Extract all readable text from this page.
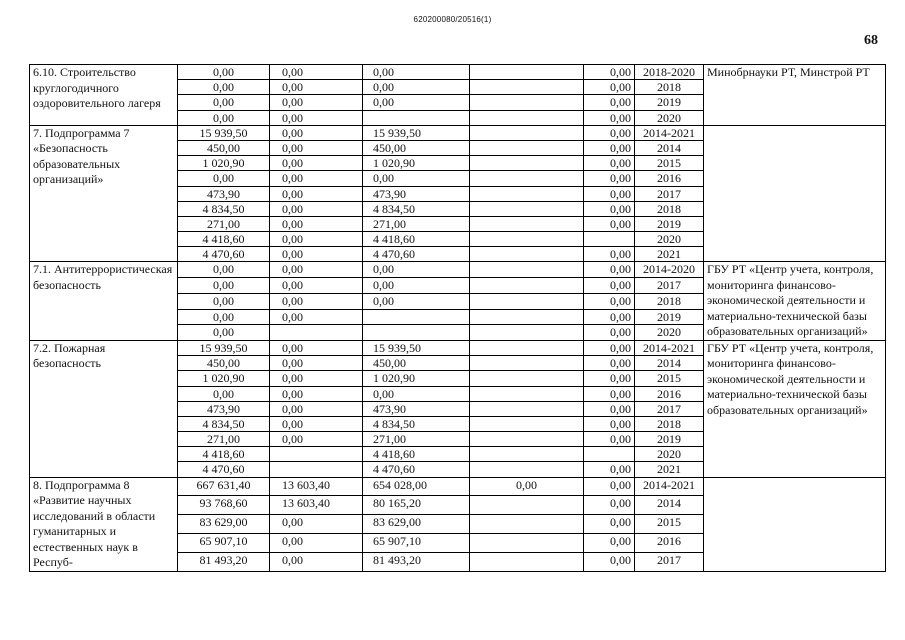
620200080/20516(1)
68
6.10. Строительство круглогодичного оздоровительного лагеря	0,00	0,00	0,00		0,00	2018-2020	Минобрнауки РТ, Минстрой РТ
	0,00	0,00	0,00		0,00	2018	
	0,00	0,00	0,00		0,00	2019	
	0,00	0,00			0,00	2020	
7. Подпрограмма 7 «Безопасность образовательных организаций»	15 939,50	0,00	15 939,50		0,00	2014-2021	
	450,00	0,00	450,00		0,00	2014	
	1 020,90	0,00	1 020,90		0,00	2015	
	0,00	0,00	0,00		0,00	2016	
	473,90	0,00	473,90		0,00	2017	
	4 834,50	0,00	4 834,50		0,00	2018	
	271,00	0,00	271,00		0,00	2019	
	4 418,60	0,00	4 418,60			2020	
	4 470,60	0,00	4 470,60		0,00	2021	
7.1. Антитеррористическая безопасность	0,00	0,00	0,00		0,00	2014-2020	ГБУ РТ «Центр учета, контроля, мониторинга финансово-экономической деятельности и материально-технической базы образовательных организаций»
	0,00	0,00	0,00		0,00	2017	
	0,00	0,00	0,00		0,00	2018	
	0,00	0,00			0,00	2019	
	0,00				0,00	2020	
7.2. Пожарная безопасность	15 939,50	0,00	15 939,50		0,00	2014-2021	ГБУ РТ «Центр учета, контроля, мониторинга финансово-экономической деятельности и материально-технической базы образовательных организаций»
	450,00	0,00	450,00		0,00	2014	
	1 020,90	0,00	1 020,90		0,00	2015	
	0,00	0,00	0,00		0,00	2016	
	473,90	0,00	473,90		0,00	2017	
	4 834,50	0,00	4 834,50		0,00	2018	
	271,00	0,00	271,00		0,00	2019	
	4 418,60		4 418,60			2020	
	4 470,60		4 470,60		0,00	2021	
8. Подпрограмма 8 «Развитие научных исследований в области гуманитарных и естественных наук в Респуб-	667 631,40	13 603,40	654 028,00	0,00	0,00	2014-2021	
	93 768,60	13 603,40	80 165,20		0,00	2014	
	83 629,00	0,00	83 629,00		0,00	2015	
	65 907,10	0,00	65 907,10		0,00	2016	
	81 493,20	0,00	81 493,20		0,00	2017	
